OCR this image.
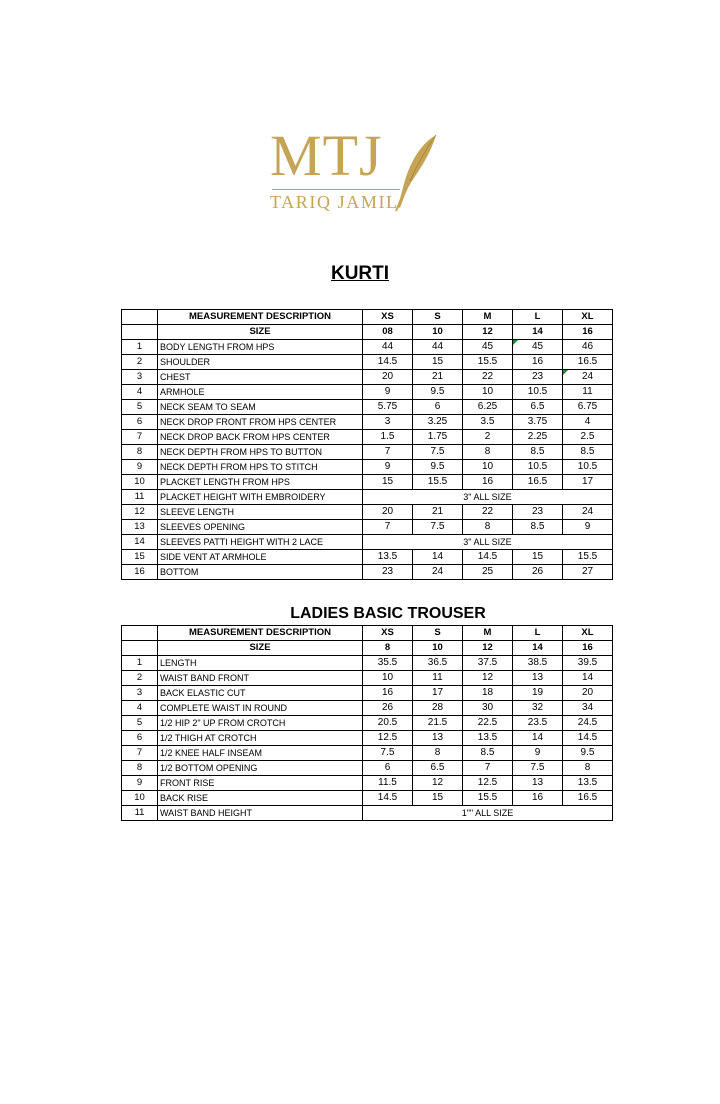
MTJ
TARIQ JAMIL
KURTI
	MEASUREMENT DESCRIPTION	XS	S	M	L	XL
	SIZE	08	10	12	14	16
1	BODY LENGTH FROM HPS	44	44	45	45	46
2	SHOULDER	14.5	15	15.5	16	16.5
3	CHEST	20	21	22	23	24

4	ARMHOLE	9	9.5	10	10.5	11
5	NECK SEAM TO SEAM	5.75	6	6.25	6.5	6.75
6	NECK DROP FRONT FROM HPS CENTER	3	3.25	3.5	3.75	4
7	NECK DROP BACK FROM HPS CENTER	1.5	1.75	2	2.25	2.5
8	NECK DEPTH FROM HPS TO BUTTON	7	7.5	8	8.5	8.5
9	NECK DEPTH FROM HPS TO STITCH	9	9.5	10	10.5	10.5
10	PLACKET LENGTH FROM HPS	15	15.5	16	16.5	17
11	PLACKET HEIGHT WITH EMBROIDERY	3" ALL SIZE				
12	SLEEVE LENGTH	20	21	22	23	24
13	SLEEVES OPENING	7	7.5	8	8.5	9
14	SLEEVES PATTI HEIGHT WITH 2 LACE	3" ALL SIZE				
15	SIDE VENT AT ARMHOLE	13.5	14	14.5	15	15.5
16	BOTTOM	23	24	25	26	27
LADIES BASIC TROUSER
	MEASUREMENT DESCRIPTION	XS	S	M	L	XL
	SIZE	8	10	12	14	16
1	LENGTH	35.5	36.5	37.5	38.5	39.5
2	WAIST BAND FRONT	10	11	12	13	14
3	BACK ELASTIC CUT	16	17	18	19	20
4	COMPLETE WAIST IN ROUND	26	28	30	32	34
5	1/2 HIP 2" UP FROM CROTCH	20.5	21.5	22.5	23.5	24.5
6	1/2 THIGH AT CROTCH	12.5	13	13.5	14	14.5
7	1/2 KNEE HALF INSEAM	7.5	8	8.5	9	9.5
8	1/2 BOTTOM OPENING	6	6.5	7	7.5	8
9	FRONT RISE	11.5	12	12.5	13	13.5
10	BACK RISE	14.5	15	15.5	16	16.5
11	WAIST BAND HEIGHT	1"" ALL SIZE				
